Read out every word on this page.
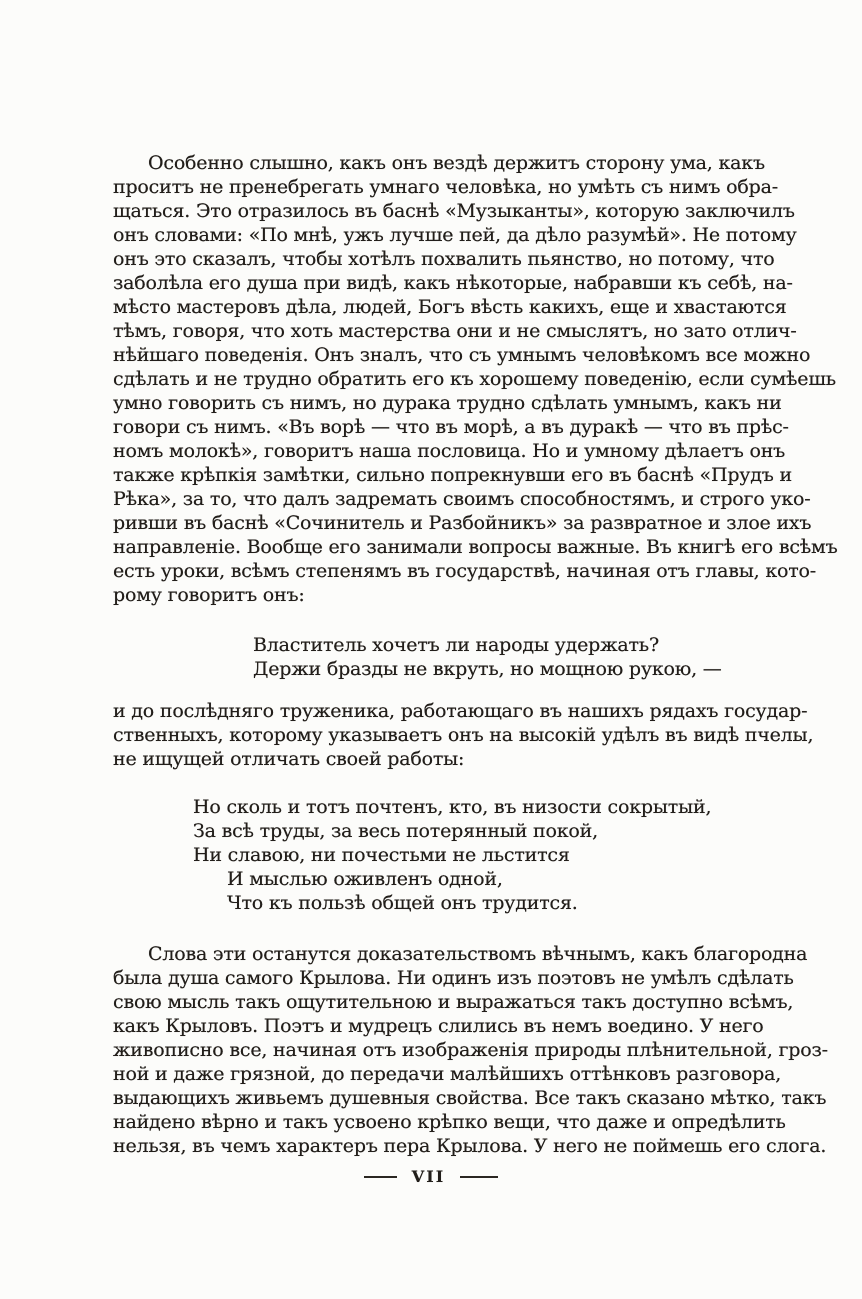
Особенно слышно, какъ онъ вездѣ держитъ сторону ума, какъ
проситъ не пренебрегать умнаго человѣка, но умѣть съ нимъ обра-
щаться. Это отразилось въ баснѣ «Музыканты», которую заключилъ
онъ словами: «По мнѣ, ужъ лучше пей, да дѣло разумѣй». Не потому
онъ это сказалъ, чтобы хотѣлъ похвалить пьянство, но потому, что
заболѣла его душа при видѣ, какъ нѣкоторые, набравши къ себѣ, на-
мѣсто мастеровъ дѣла, людей, Богъ вѣсть какихъ, еще и хвастаются
тѣмъ, говоря, что хоть мастерства они и не смыслятъ, но зато отлич-
нѣйшаго поведенія. Онъ зналъ, что съ умнымъ человѣкомъ все можно
сдѣлать и не трудно обратить его къ хорошему поведенію, если сумѣешь
умно говорить съ нимъ, но дурака трудно сдѣлать умнымъ, какъ ни
говори съ нимъ. «Въ ворѣ — что въ морѣ, а въ дуракѣ — что въ прѣс-
номъ молокѣ», говоритъ наша пословица. Но и умному дѣлаетъ онъ
также крѣпкія замѣтки, сильно попрекнувши его въ баснѣ «Прудъ и
Рѣка», за то, что далъ задремать своимъ способностямъ, и строго уко-
ривши въ баснѣ «Сочинитель и Разбойникъ» за развратное и злое ихъ
направленіе. Вообще его занимали вопросы важные. Въ книгѣ его всѣмъ
есть уроки, всѣмъ степенямъ въ государствѣ, начиная отъ главы, кото-
рому говоритъ онъ:
Властитель хочетъ ли народы удержать?
Держи бразды не вкруть, но мощною рукою, —
и до послѣдняго труженика, работающаго въ нашихъ рядахъ государ-
ственныхъ, которому указываетъ онъ на высокій удѣлъ въ видѣ пчелы,
не ищущей отличать своей работы:
Но сколь и тотъ почтенъ, кто, въ низости сокрытый,
За всѣ труды, за весь потерянный покой,
Ни славою, ни почестьми не льстится
И мыслью оживленъ одной,
Что къ пользѣ общей онъ трудится.
Слова эти останутся доказательствомъ вѣчнымъ, какъ благородна
была душа самого Крылова. Ни одинъ изъ поэтовъ не умѣлъ сдѣлать
свою мысль такъ ощутительною и выражаться такъ доступно всѣмъ,
какъ Крыловъ. Поэтъ и мудрецъ слились въ немъ воедино. У него
живописно все, начиная отъ изображенія природы плѣнительной, гроз-
ной и даже грязной, до передачи малѣйшихъ оттѣнковъ разговора,
выдающихъ живьемъ душевныя свойства. Все такъ сказано мѣтко, такъ
найдено вѣрно и такъ усвоено крѣпко вещи, что даже и опредѣлить
нельзя, въ чемъ характеръ пера Крылова. У него не поймешь его слога.
VII
